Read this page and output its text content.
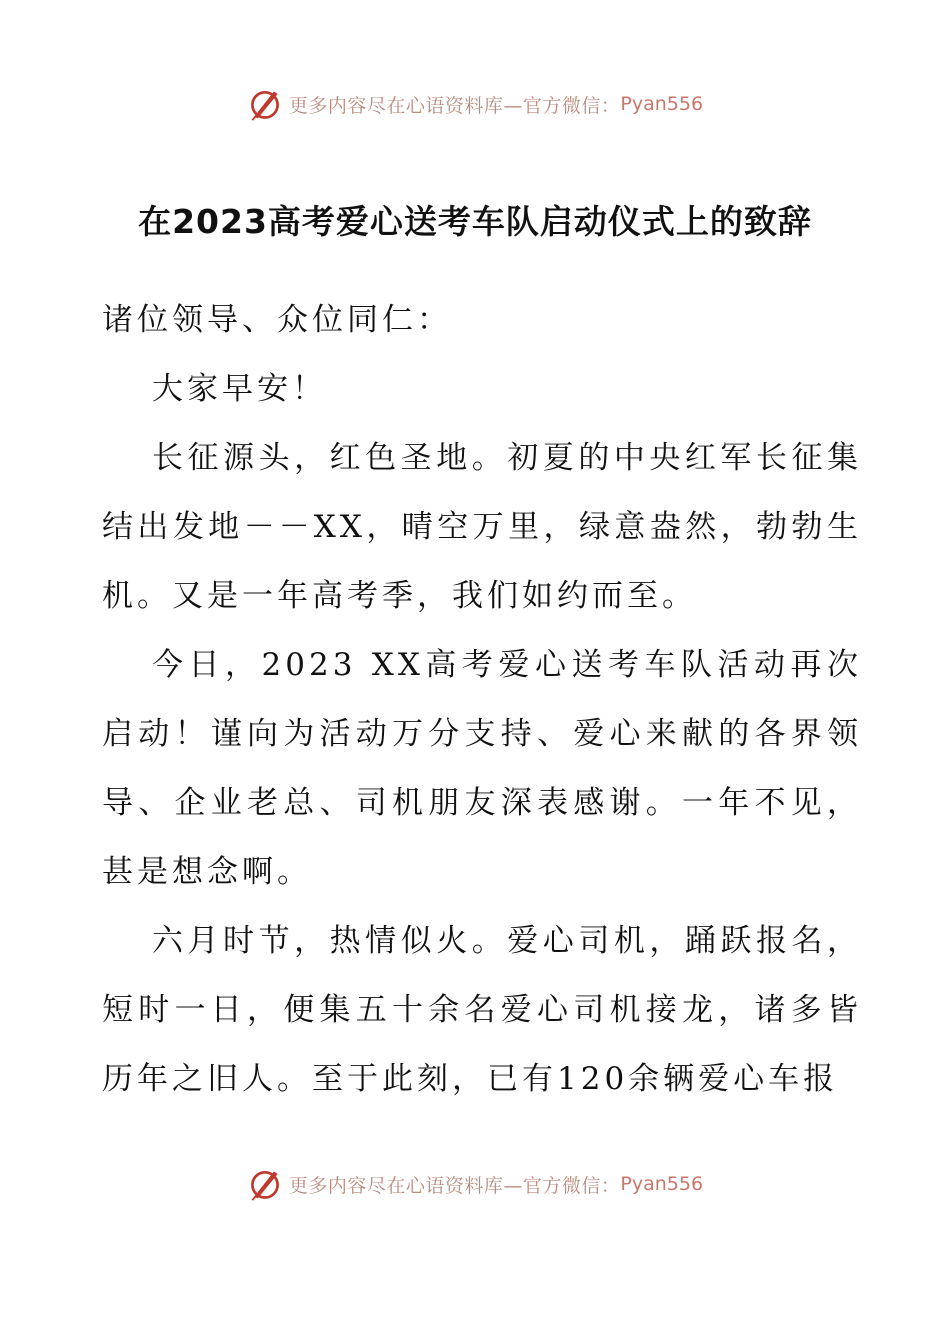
更多内容尽在心语资料库—官方微信： Pyan556
在2023高考爱心送考车队启动仪式上的致辞

诸位领导、众位同仁：

大家早安！

长征源头，红色圣地。初夏的中央红军长征集结出发地－－XX，晴空万里，绿意盎然，勃勃生机。又是一年高考季，我们如约而至。

今日，2023 XX高考爱心送考车队活动再次启动！谨向为活动万分支持、爱心来献的各界领导、企业老总、司机朋友深表感谢。一年不见，甚是想念啊。

六月时节，热情似火。爱心司机，踊跃报名，短时一日，便集五十余名爱心司机接龙，诸多皆历年之旧人。至于此刻，已有120余辆爱心车报

更多内容尽在心语资料库—官方微信： Pyan556
